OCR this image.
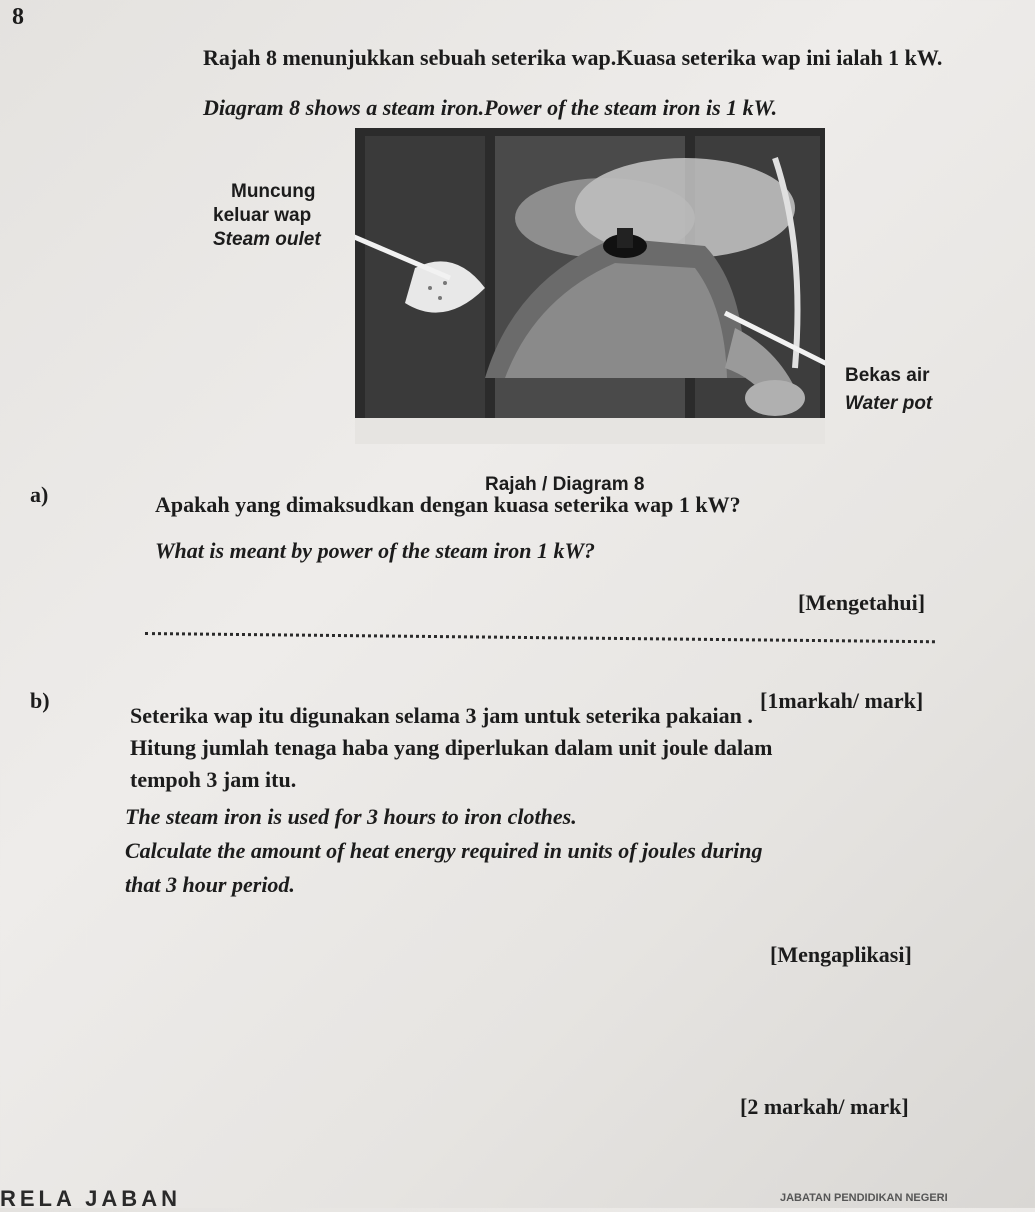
8
Rajah 8 menunjukkan sebuah seterika wap.Kuasa seterika wap ini ialah 1 kW.
Diagram 8 shows a steam iron.Power of the steam iron is 1 kW.
Muncung
keluar wap
Steam oulet
Bekas air
Water pot
Rajah / Diagram 8
a)	Apakah yang dimaksudkan dengan kuasa seterika wap 1 kW?
What is meant by power of the steam iron 1 kW?
[Mengetahui]
[1markah/ mark]
b)
Seterika wap itu digunakan selama 3 jam untuk seterika pakaian .
Hitung jumlah tenaga haba yang diperlukan dalam unit joule dalam
tempoh 3 jam itu.
The steam iron is used for 3 hours to iron clothes.
Calculate the amount of heat energy required in units of joules during
that 3 hour period.
[Mengaplikasi]
[2 markah/ mark]
RELA JABAN	JABATAN PENDIDIKAN NEGERI
